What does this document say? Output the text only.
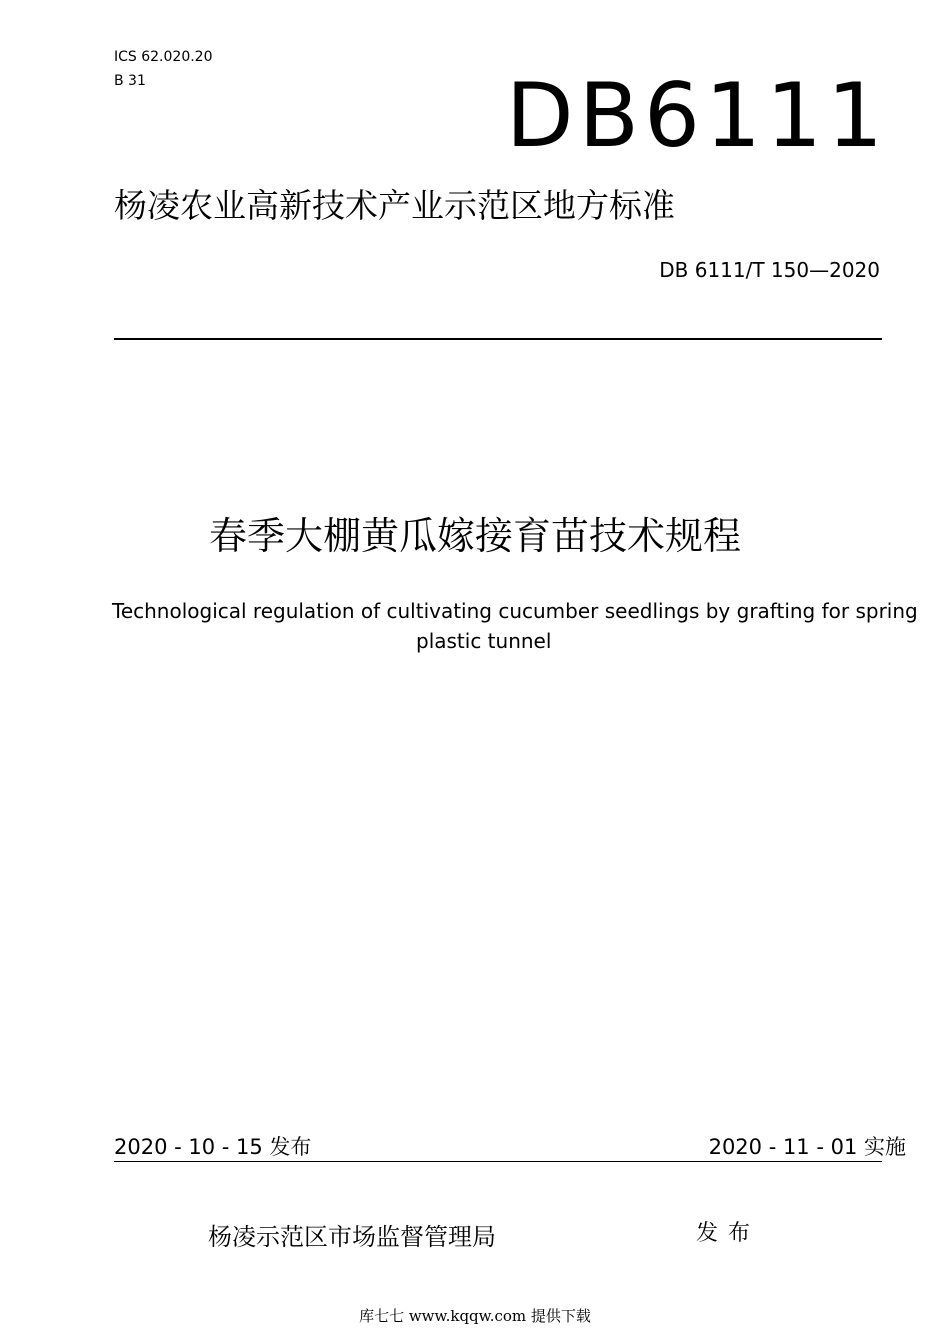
ICS 62.020.20
B 31	DB6111
杨凌农业高新技术产业示范区地方标准
DB 6111/T 150—2020
春季大棚黄瓜嫁接育苗技术规程
Technological regulation of cultivating cucumber seedlings by grafting for spring
plastic tunnel
2020 - 10 - 15 发布	2020 - 11 - 01 实施
杨凌示范区市场监督管理局	发布
库七七 www.kqqw.com 提供下载
